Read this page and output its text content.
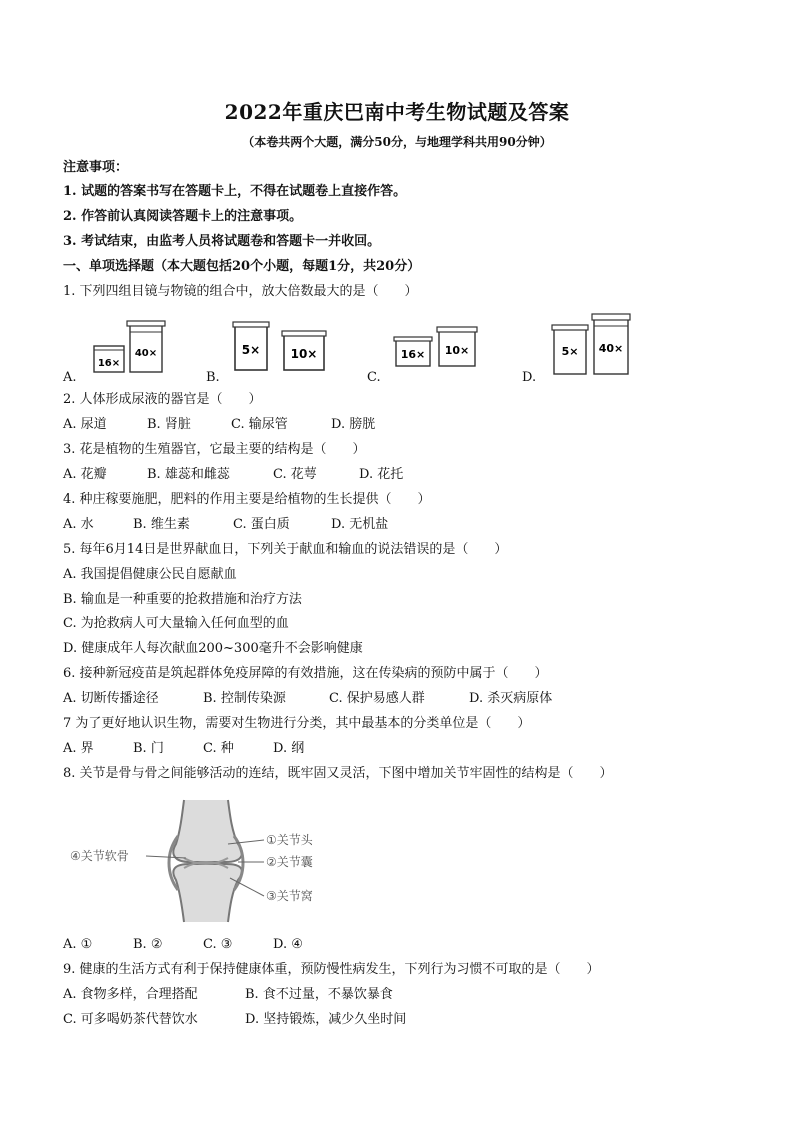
2022年重庆巴南中考生物试题及答案
（本卷共两个大题，满分50分，与地理学科共用90分钟）
注意事项：
1. 试题的答案书写在答题卡上，不得在试题卷上直接作答。
2. 作答前认真阅读答题卡上的注意事项。
3. 考试结束，由监考人员将试题卷和答题卡一并收回。
一、单项选择题（本大题包括20个小题，每题1分，共20分）
1. 下列四组目镜与物镜的组合中，放大倍数最大的是（　　）
16×
40×	5×	10×	16× 10×	5× 40×
A.	B.	C.	D.
2. 人体形成尿液的器官是（　　）
A. 尿道	B. 肾脏	C. 输尿管	D. 膀胱
3. 花是植物的生殖器官，它最主要的结构是（　　）
A. 花瓣	B. 雄蕊和雌蕊	C. 花萼	D. 花托
4. 种庄稼要施肥，肥料的作用主要是给植物的生长提供（　　）
A. 水	B. 维生素	C. 蛋白质	D. 无机盐
5. 每年6月14日是世界献血日，下列关于献血和输血的说法错误的是（　　）
A. 我国提倡健康公民自愿献血
B. 输血是一种重要的抢救措施和治疗方法
C. 为抢救病人可大量输入任何血型的血
D. 健康成年人每次献血200~300毫升不会影响健康
6. 接种新冠疫苗是筑起群体免疫屏障的有效措施，这在传染病的预防中属于（　　）
A. 切断传播途径	B. 控制传染源	C. 保护易感人群	D. 杀灭病原体
7 为了更好地认识生物，需要对生物进行分类，其中最基本的分类单位是（　　）
A. 界	B. 门	C. 种	D. 纲
8. 关节是骨与骨之间能够活动的连结，既牢固又灵活，下图中增加关节牢固性的结构是（　　）
①关节头
②关节囊
③关节窝
④关节软骨
A. ①	B. ②	C. ③	D. ④
9. 健康的生活方式有利于保持健康体重，预防慢性病发生，下列行为习惯不可取的是（　　）
A. 食物多样，合理搭配	B. 食不过量，不暴饮暴食
C. 可多喝奶茶代替饮水	D. 坚持锻炼，减少久坐时间
